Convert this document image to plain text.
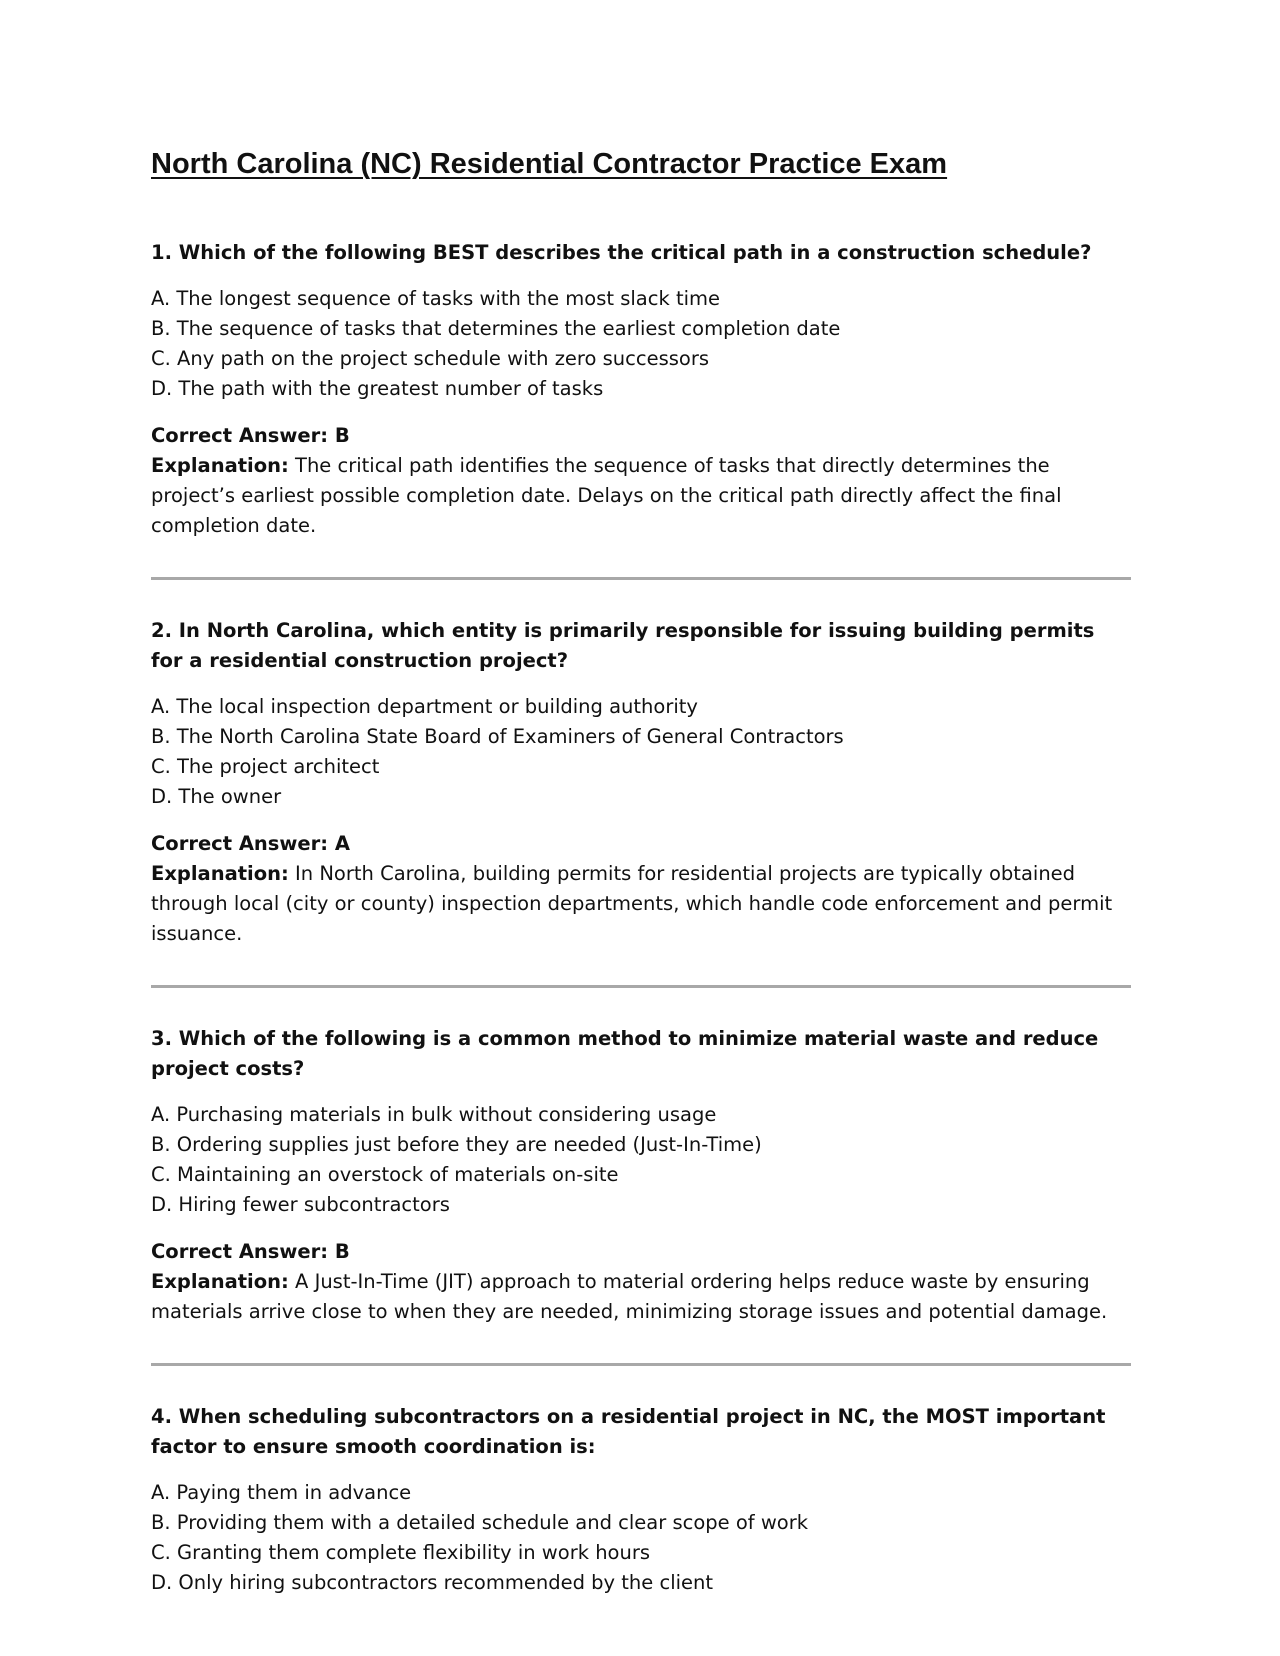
North Carolina (NC) Residential Contractor Practice Exam

1. Which of the following BEST describes the critical path in a construction schedule?

A. The longest sequence of tasks with the most slack time
B. The sequence of tasks that determines the earliest completion date
C. Any path on the project schedule with zero successors
D. The path with the greatest number of tasks

Correct Answer: B

Explanation: The critical path identifies the sequence of tasks that directly determines the project’s earliest possible completion date. Delays on the critical path directly affect the final completion date.

2. In North Carolina, which entity is primarily responsible for issuing building permits for a residential construction project?

A. The local inspection department or building authority
B. The North Carolina State Board of Examiners of General Contractors
C. The project architect
D. The owner

Correct Answer: A

Explanation: In North Carolina, building permits for residential projects are typically obtained through local (city or county) inspection departments, which handle code enforcement and permit issuance.

3. Which of the following is a common method to minimize material waste and reduce project costs?

A. Purchasing materials in bulk without considering usage
B. Ordering supplies just before they are needed (Just-In-Time)
C. Maintaining an overstock of materials on-site
D. Hiring fewer subcontractors

Correct Answer: B

Explanation: A Just-In-Time (JIT) approach to material ordering helps reduce waste by ensuring materials arrive close to when they are needed, minimizing storage issues and potential damage.

4. When scheduling subcontractors on a residential project in NC, the MOST important factor to ensure smooth coordination is:

A. Paying them in advance
B. Providing them with a detailed schedule and clear scope of work
C. Granting them complete flexibility in work hours
D. Only hiring subcontractors recommended by the client
